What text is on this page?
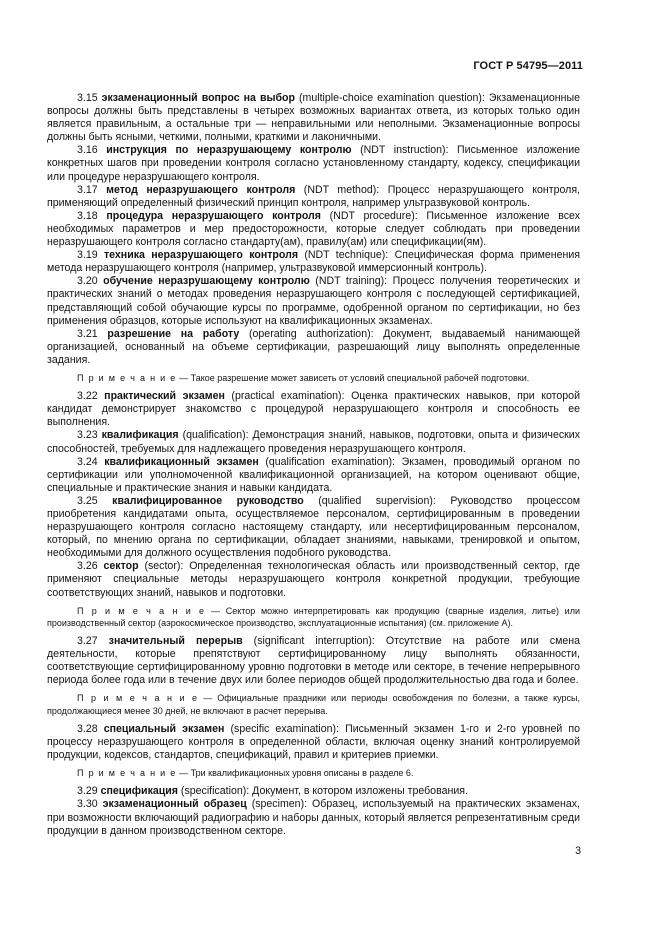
ГОСТ Р 54795—2011

3.15 экзаменационный вопрос на выбор (multiple-choice examination question): Экзаменационные вопросы должны быть представлены в четырех возможных вариантах ответа, из которых только один является правильным, а остальные три — неправильными или неполными. Экзаменационные вопросы должны быть ясными, четкими, полными, краткими и лаконичными.

3.16 инструкция по неразрушающему контролю (NDT instruction): Письменное изложение конкретных шагов при проведении контроля согласно установленному стандарту, кодексу, спецификации или процедуре неразрушающего контроля.

3.17 метод неразрушающего контроля (NDT method): Процесс неразрушающего контроля, применяющий определенный физический принцип контроля, например ультразвуковой контроль.

3.18 процедура неразрушающего контроля (NDT procedure): Письменное изложение всех необходимых параметров и мер предосторожности, которые следует соблюдать при проведении неразрушающего контроля согласно стандарту(ам), правилу(ам) или спецификации(ям).

3.19 техника неразрушающего контроля (NDT technique): Специфическая форма применения метода неразрушающего контроля (например, ультразвуковой иммерсионный контроль).

3.20 обучение неразрушающему контролю (NDT training): Процесс получения теоретических и практических знаний о методах проведения неразрушающего контроля с последующей сертификацией, представляющий собой обучающие курсы по программе, одобренной органом по сертификации, но без применения образцов, которые используют на квалификационных экзаменах.

3.21 разрешение на работу (operating authorization): Документ, выдаваемый нанимающей организацией, основанный на объеме сертификации, разрешающий лицу выполнять определенные задания.

П р и м е ч а н и е — Такое разрешение может зависеть от условий специальной рабочей подготовки.

3.22 практический экзамен (practical examination): Оценка практических навыков, при которой кандидат демонстрирует знакомство с процедурой неразрушающего контроля и способность ее выполнения.

3.23 квалификация (qualification): Демонстрация знаний, навыков, подготовки, опыта и физических способностей, требуемых для надлежащего проведения неразрушающего контроля.

3.24 квалификационный экзамен (qualification examination): Экзамен, проводимый органом по сертификации или уполномоченной квалификационной организацией, на котором оценивают общие, специальные и практические знания и навыки кандидата.

3.25 квалифицированное руководство (qualified supervision): Руководство процессом приобретения кандидатами опыта, осуществляемое персоналом, сертифицированным в проведении неразрушающего контроля согласно настоящему стандарту, или несертифицированным персоналом, который, по мнению органа по сертификации, обладает знаниями, навыками, тренировкой и опытом, необходимыми для должного осуществления подобного руководства.

3.26 сектор (sector): Определенная технологическая область или производственный сектор, где применяют специальные методы неразрушающего контроля конкретной продукции, требующие соответствующих знаний, навыков и подготовки.

П р и м е ч а н и е — Сектор можно интерпретировать как продукцию (сварные изделия, литье) или производственный сектор (аэрокосмическое производство, эксплуатационные испытания) (см. приложение А).

3.27 значительный перерыв (significant interruption): Отсутствие на работе или смена деятельности, которые препятствуют сертифицированному лицу выполнять обязанности, соответствующие сертифицированному уровню подготовки в методе или секторе, в течение непрерывного периода более года или в течение двух или более периодов общей продолжительностью два года и более.

П р и м е ч а н и е — Официальные праздники или периоды освобождения по болезни, а также курсы, продолжающиеся менее 30 дней, не включают в расчет перерыва.

3.28 специальный экзамен (specific examination): Письменный экзамен 1-го и 2-го уровней по процессу неразрушающего контроля в определенной области, включая оценку знаний контролируемой продукции, кодексов, стандартов, спецификаций, правил и критериев приемки.

П р и м е ч а н и е — Три квалификационных уровня описаны в разделе 6.

3.29 спецификация (specification): Документ, в котором изложены требования.

3.30 экзаменационный образец (specimen): Образец, используемый на практических экзаменах, при возможности включающий радиографию и наборы данных, который является репрезентативным среди продукции в данном производственном секторе.

3
